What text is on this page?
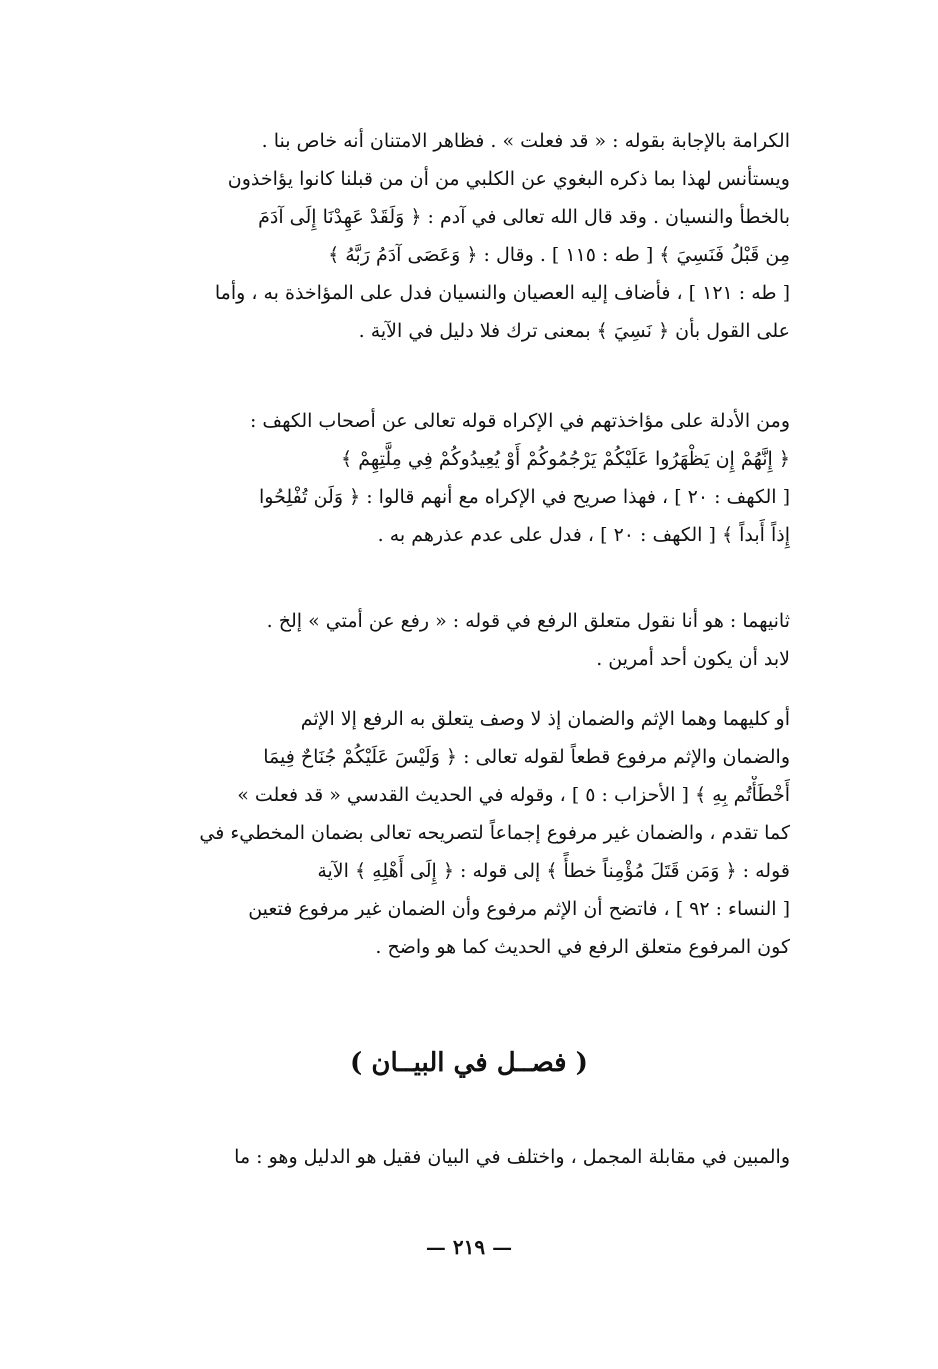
الكرامة بالإجابة بقوله : « قد فعلت » . فظاهر الامتنان أنه خاص بنا .
ويستأنس لهذا بما ذكره البغوي عن الكلبي من أن من قبلنا كانوا يؤاخذون
بالخطأ والنسيان . وقد قال الله تعالى في آدم : ﴿ وَلَقَدْ عَهِدْنَا إِلَى آدَمَ
مِن قَبْلُ فَنَسِيَ ﴾ [ طه : ١١٥ ] . وقال : ﴿ وَعَصَى آدَمُ رَبَّهُ ﴾
[ طه : ١٢١ ] ، فأضاف إليه العصيان والنسيان فدل على المؤاخذة به ، وأما
على القول بأن ﴿ نَسِيَ ﴾ بمعنى ترك فلا دليل في الآية .
ومن الأدلة على مؤاخذتهم في الإكراه قوله تعالى عن أصحاب الكهف :
﴿ إِنَّهُمْ إِن يَظْهَرُوا عَلَيْكُمْ يَرْجُمُوكُمْ أَوْ يُعِيدُوكُمْ فِي مِلَّتِهِمْ ﴾
[ الكهف : ٢٠ ] ، فهذا صريح في الإكراه مع أنهم قالوا : ﴿ وَلَن تُفْلِحُوا
إِذاً أَبداً ﴾ [ الكهف : ٢٠ ] ، فدل على عدم عذرهم به .
ثانيهما : هو أنا نقول متعلق الرفع في قوله : « رفع عن أمتي » إلخ .
لابد أن يكون أحد أمرين .
أو كليهما وهما الإثم والضمان إذ لا وصف يتعلق به الرفع إلا الإثم
والضمان والإثم مرفوع قطعاً لقوله تعالى : ﴿ وَلَيْسَ عَلَيْكُمْ جُنَاحٌ فِيمَا
أَخْطَأْتُم بِهِ ﴾ [ الأحزاب : ٥ ] ، وقوله في الحديث القدسي « قد فعلت »
كما تقدم ، والضمان غير مرفوع إجماعاً لتصريحه تعالى بضمان المخطيء في
قوله : ﴿ وَمَن قَتَلَ مُؤْمِناً خطأً ﴾ إلى قوله : ﴿ إِلَى أَهْلِهِ ﴾ الآية
[ النساء : ٩٢ ] ، فاتضح أن الإثم مرفوع وأن الضمان غير مرفوع فتعين
كون المرفوع متعلق الرفع في الحديث كما هو واضح .
( فصــل في البيــان )
والمبين في مقابلة المجمل ، واختلف في البيان فقيل هو الدليل وهو : ما
— ٢١٩ —
